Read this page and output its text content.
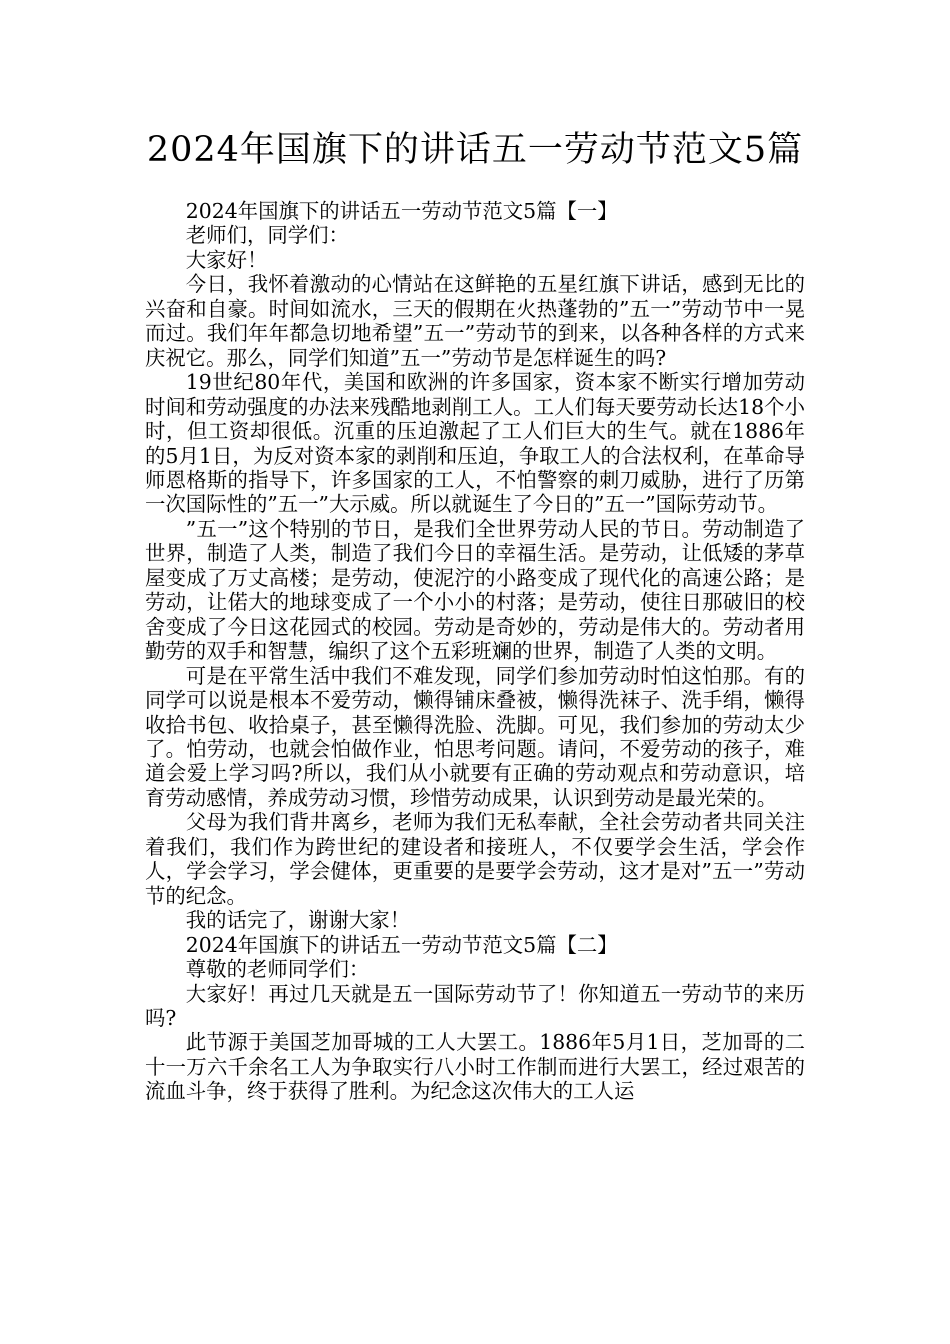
2024年国旗下的讲话五一劳动节范文5篇

2024年国旗下的讲话五一劳动节范文5篇【一】

老师们，同学们：

大家好！

今日，我怀着激动的心情站在这鲜艳的五星红旗下讲话，感到无比的兴奋和自豪。时间如流水，三天的假期在火热蓬勃的”五一”劳动节中一晃而过。我们年年都急切地希望”五一”劳动节的到来，以各种各样的方式来庆祝它。那么，同学们知道”五一”劳动节是怎样诞生的吗?

19世纪80年代，美国和欧洲的许多国家，资本家不断实行增加劳动时间和劳动强度的办法来残酷地剥削工人。工人们每天要劳动长达18个小时，但工资却很低。沉重的压迫激起了工人们巨大的生气。就在1886年的5月1日，为反对资本家的剥削和压迫，争取工人的合法权利，在革命导师恩格斯的指导下，许多国家的工人，不怕警察的刺刀威胁，进行了历第一次国际性的”五一”大示威。所以就诞生了今日的”五一”国际劳动节。

”五一”这个特别的节日，是我们全世界劳动人民的节日。劳动制造了世界，制造了人类，制造了我们今日的幸福生活。是劳动，让低矮的茅草屋变成了万丈高楼；是劳动，使泥泞的小路变成了现代化的高速公路；是劳动，让偌大的地球变成了一个小小的村落；是劳动，使往日那破旧的校舍变成了今日这花园式的校园。劳动是奇妙的，劳动是伟大的。劳动者用勤劳的双手和智慧，编织了这个五彩班斓的世界，制造了人类的文明。

可是在平常生活中我们不难发现，同学们参加劳动时怕这怕那。有的同学可以说是根本不爱劳动，懒得铺床叠被，懒得洗袜子、洗手绢，懒得收拾书包、收拾桌子，甚至懒得洗脸、洗脚。可见，我们参加的劳动太少了。怕劳动，也就会怕做作业，怕思考问题。请问，不爱劳动的孩子，难道会爱上学习吗?所以，我们从小就要有正确的劳动观点和劳动意识，培育劳动感情，养成劳动习惯，珍惜劳动成果，认识到劳动是最光荣的。

父母为我们背井离乡，老师为我们无私奉献，全社会劳动者共同关注着我们，我们作为跨世纪的建设者和接班人，不仅要学会生活，学会作人，学会学习，学会健体，更重要的是要学会劳动，这才是对”五一”劳动节的纪念。

我的话完了，谢谢大家！

2024年国旗下的讲话五一劳动节范文5篇【二】

尊敬的老师同学们：

大家好！再过几天就是五一国际劳动节了！你知道五一劳动节的来历吗?

此节源于美国芝加哥城的工人大罢工。1886年5月1日，芝加哥的二十一万六千余名工人为争取实行八小时工作制而进行大罢工，经过艰苦的流血斗争，终于获得了胜利。为纪念这次伟大的工人运
